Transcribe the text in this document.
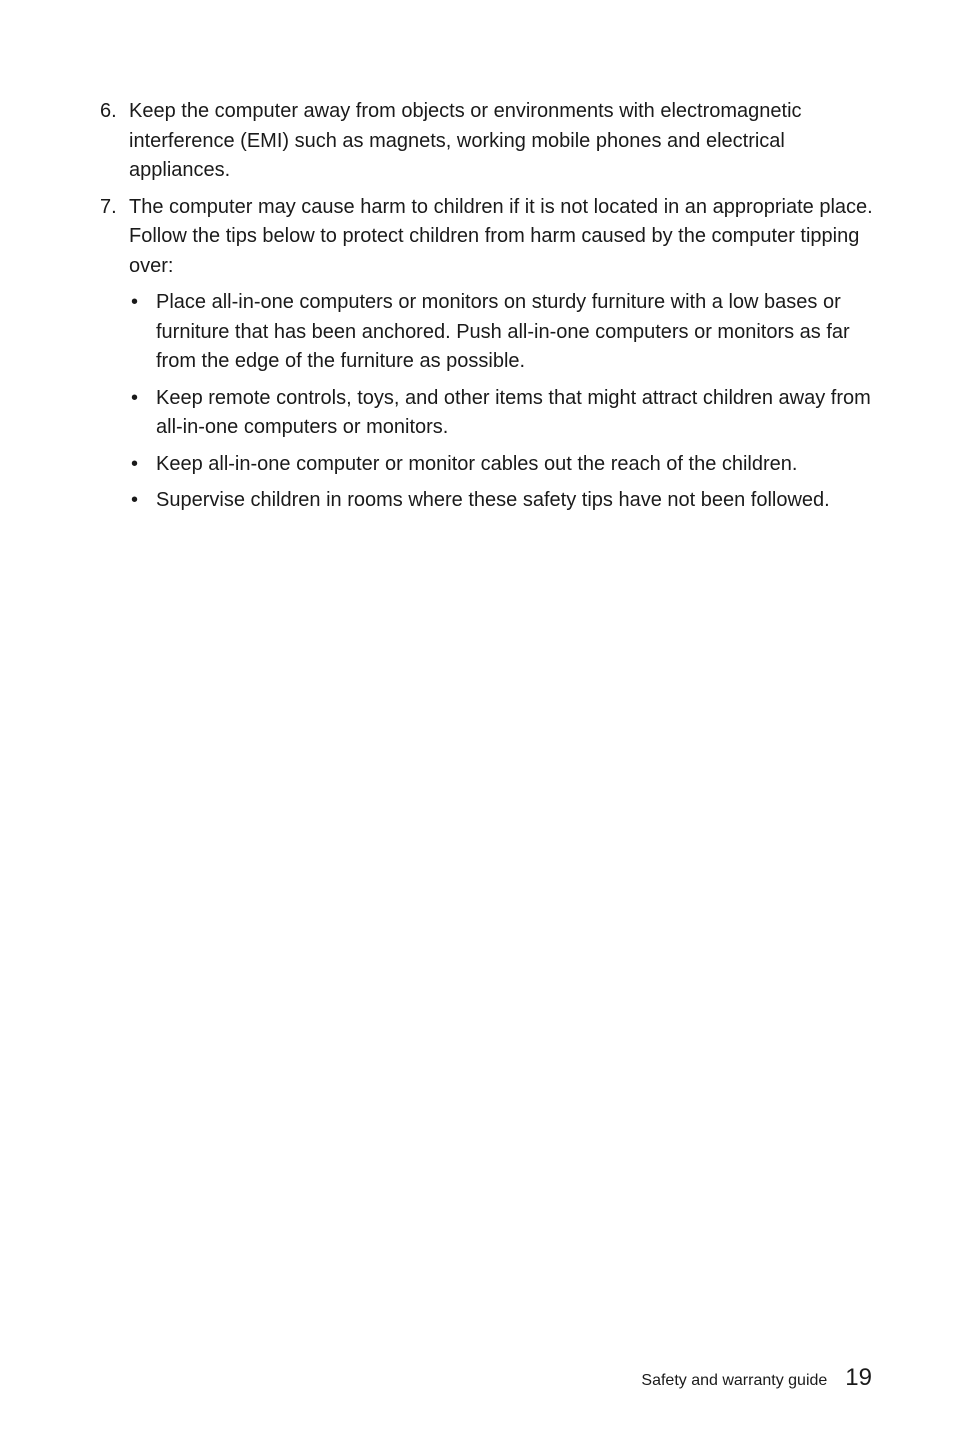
6. Keep the computer away from objects or environments with electromagnetic interference (EMI) such as magnets, working mobile phones and electrical appliances.
7. The computer may cause harm to children if it is not located in an appropriate place. Follow the tips below to protect children from harm caused by the computer tipping over:
• Place all-in-one computers or monitors on sturdy furniture with a low bases or furniture that has been anchored. Push all-in-one computers or monitors as far from the edge of the furniture as possible.
• Keep remote controls, toys, and other items that might attract children away from all-in-one computers or monitors.
• Keep all-in-one computer or monitor cables out the reach of the children.
• Supervise children in rooms where these safety tips have not been followed.
Safety and warranty guide 19
